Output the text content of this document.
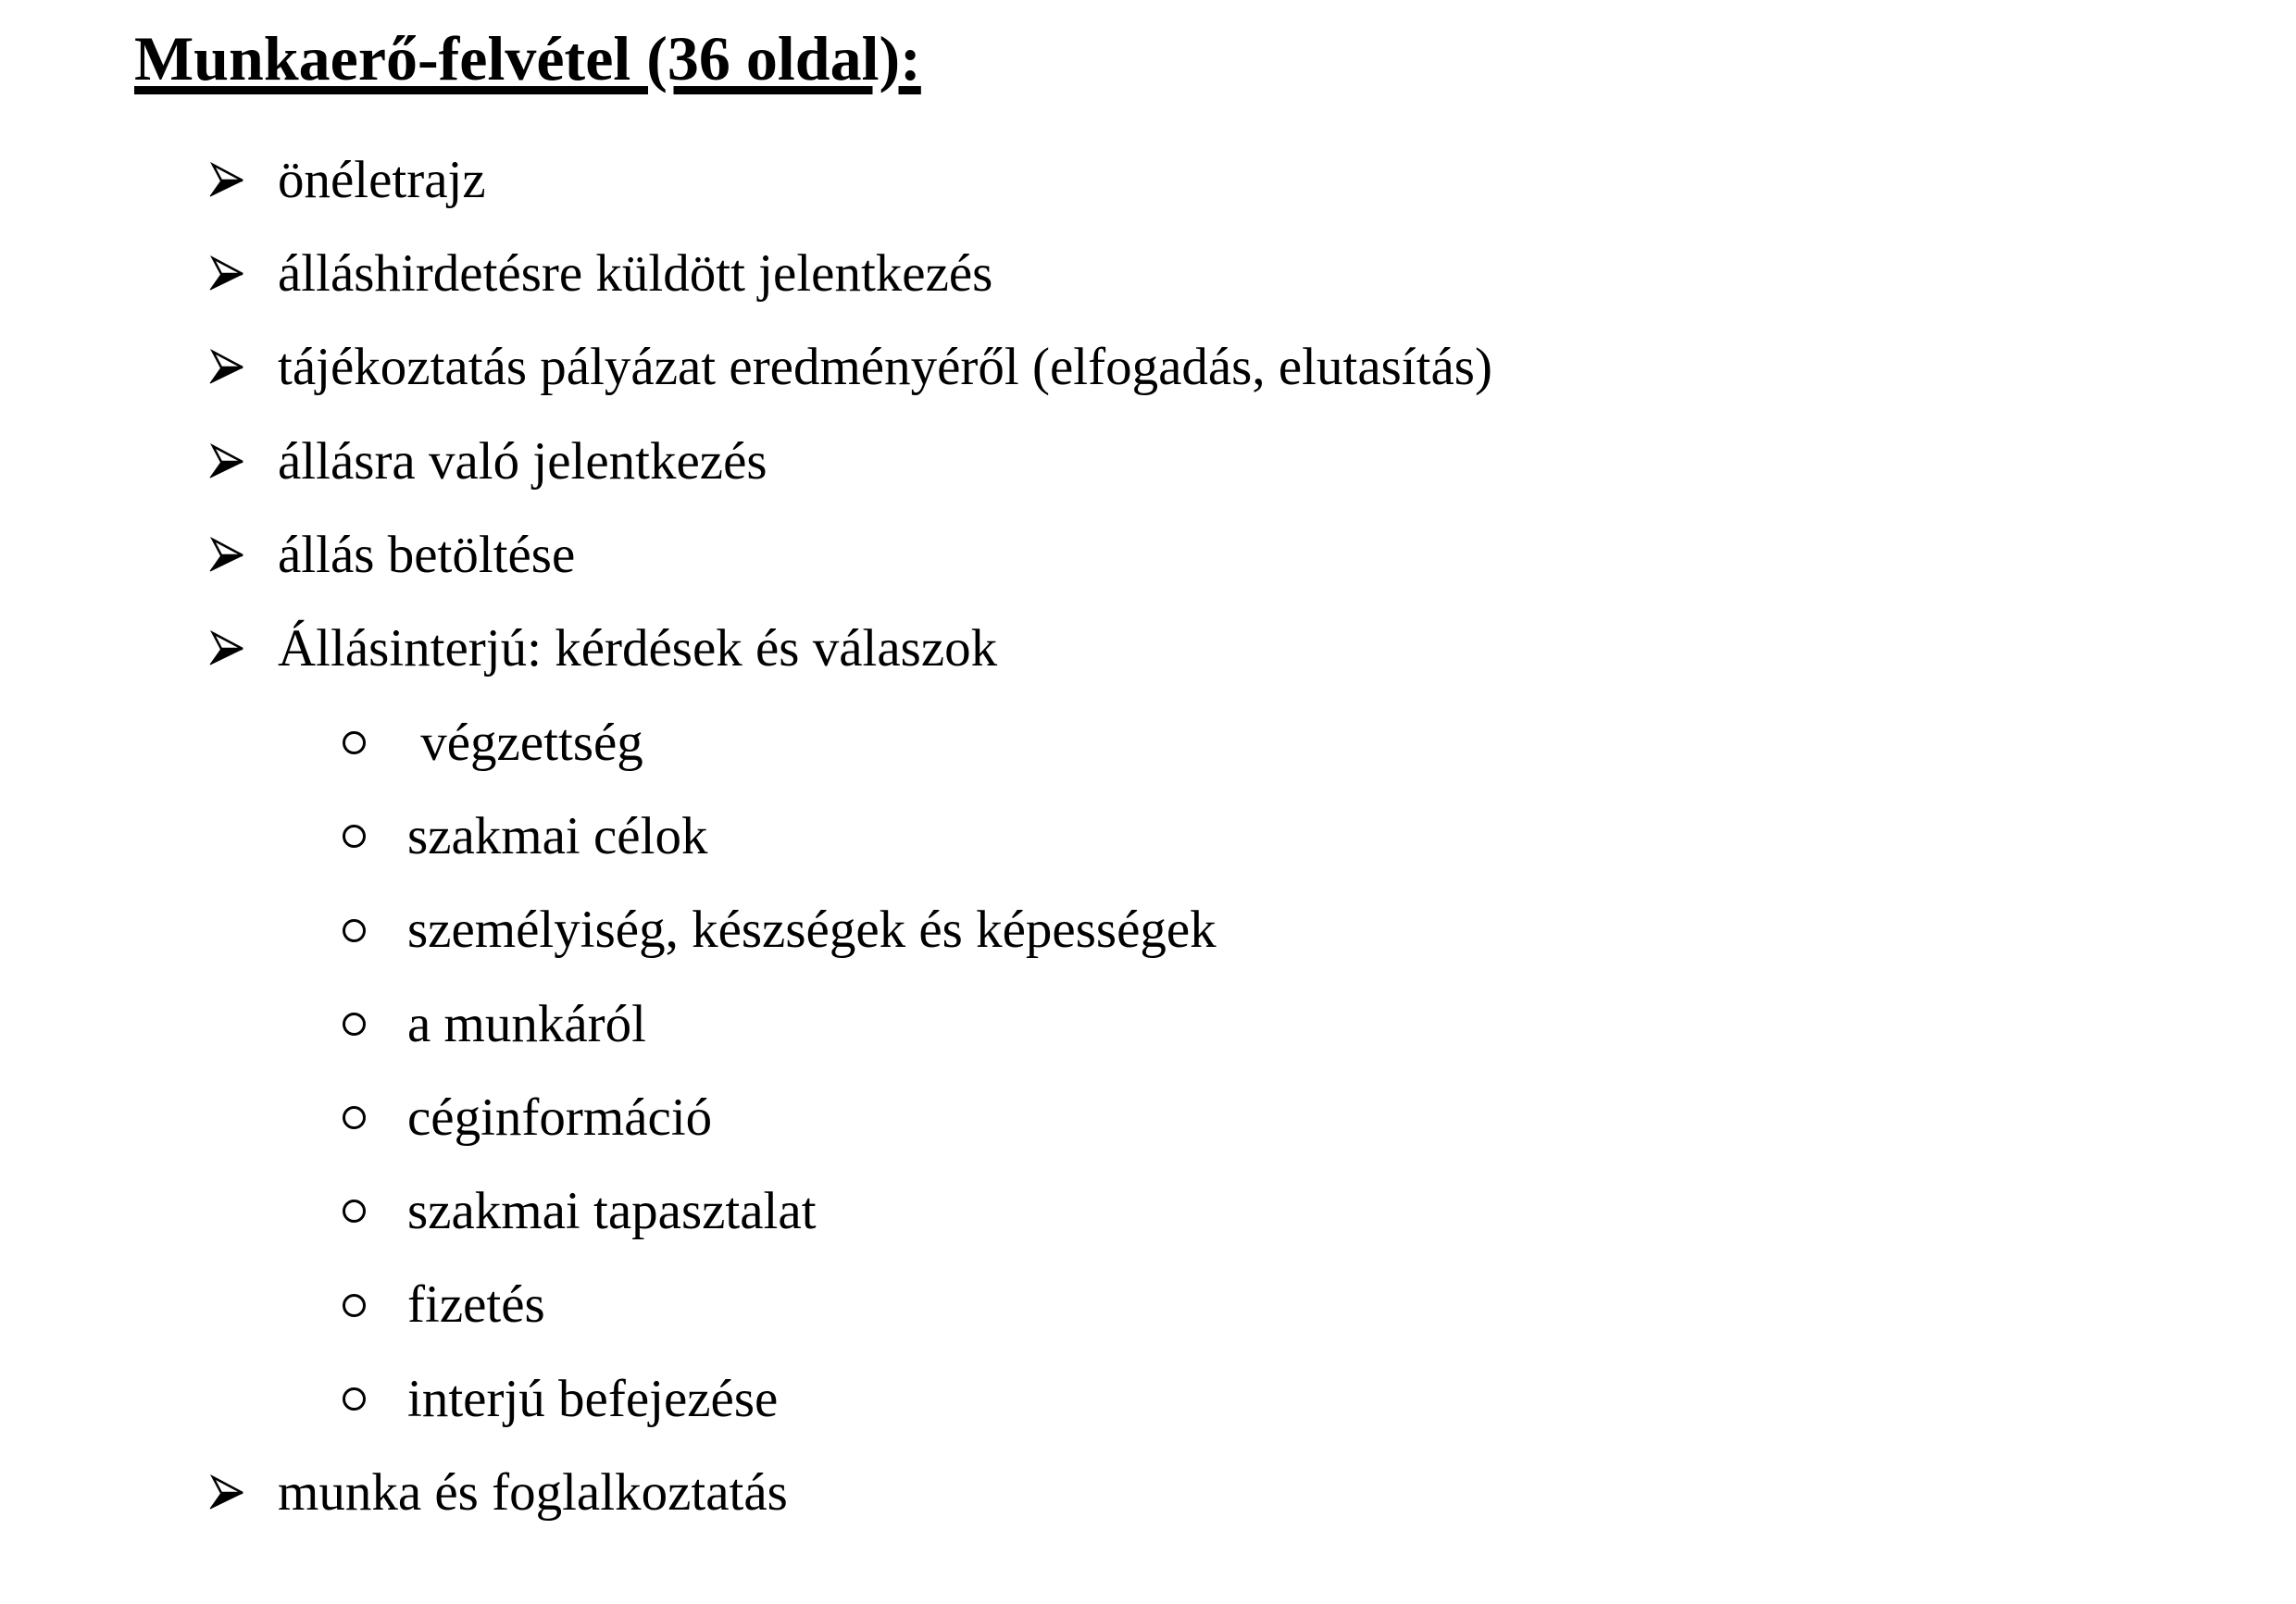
Munkaerő-felvétel (36 oldal):
önéletrajz
álláshirdetésre küldött jelentkezés
tájékoztatás pályázat eredményéről (elfogadás, elutasítás)
állásra való jelentkezés
állás betöltése
Állásinterjú: kérdések és válaszok
végzettség
szakmai célok
személyiség, készségek és képességek
a munkáról
céginformáció
szakmai tapasztalat
fizetés
interjú befejezése
munka és foglalkoztatás
